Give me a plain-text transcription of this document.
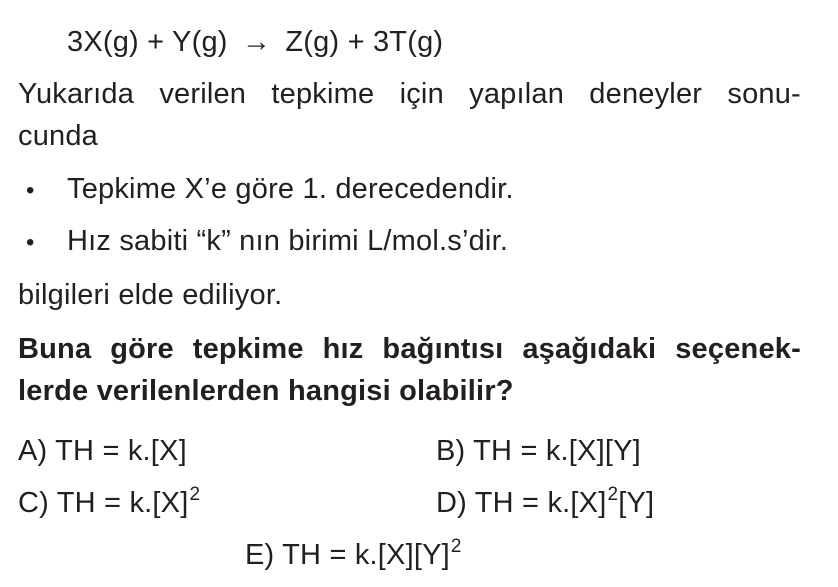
3X(g) + Y(g) → Z(g) + 3T(g)
Yukarıda verilen tepkime için yapılan deneyler sonu-
cunda
• Tepkime X’e göre 1. derecedendir.
• Hız sabiti “k” nın birimi L/mol.s’dir.
bilgileri elde ediliyor.
Buna göre tepkime hız bağıntısı aşağıdaki seçenek-
lerde verilenlerden hangisi olabilir?
A) TH = k.[X]	B) TH = k.[X][Y]
C) TH = $k.[X]^2$	D) TH = $k.[X]^2[Y]$
E) TH = $k.[X][Y]^2$
